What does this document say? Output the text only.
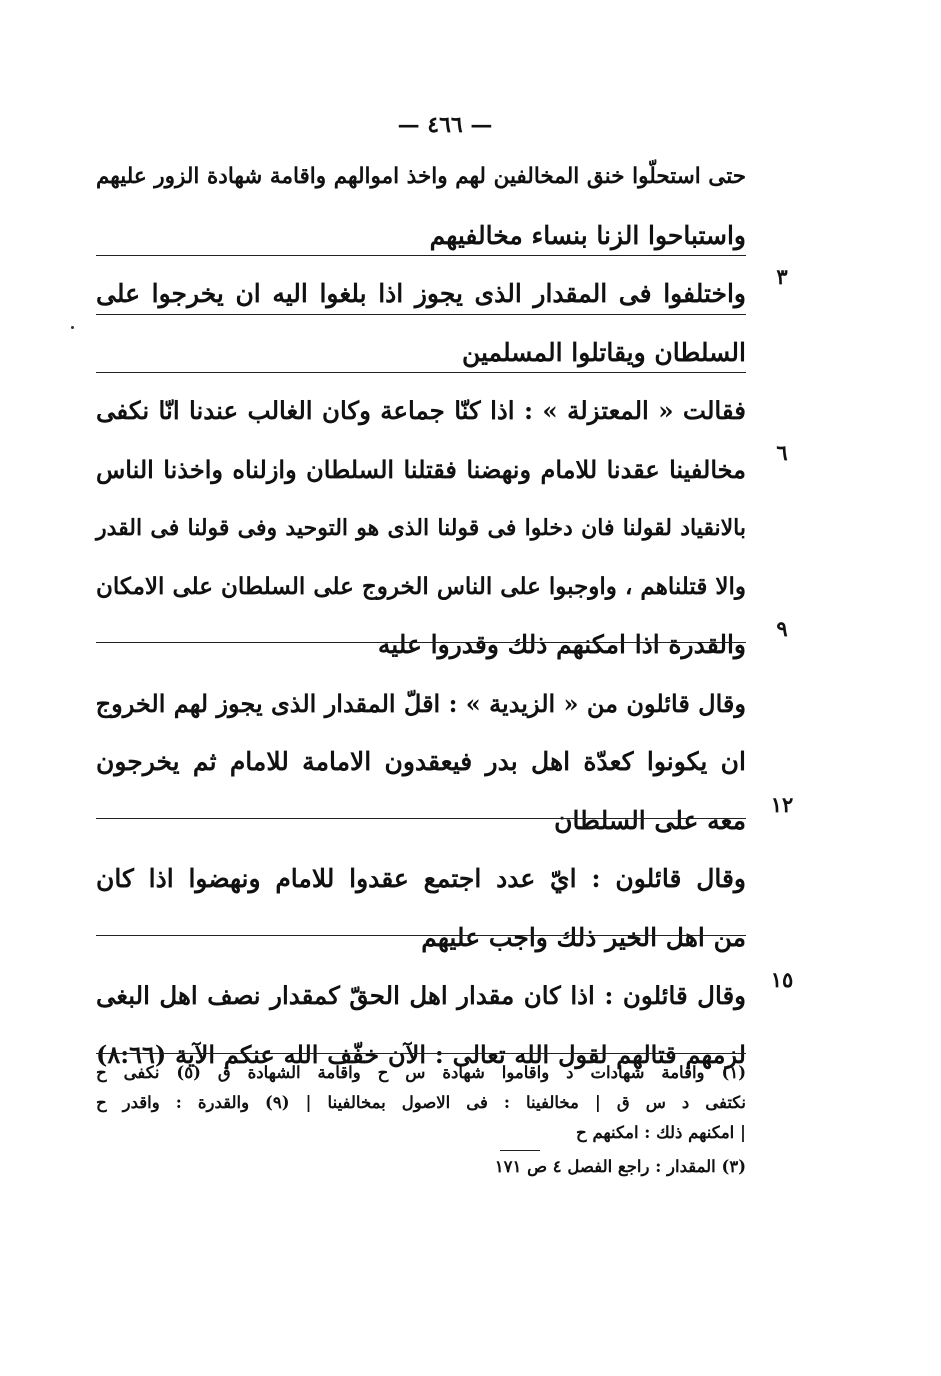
— ٤٦٦ —
حتى استحلّوا خنق المخالفين لهم واخذ اموالهم واقامة شهادة الزور عليهم
واستباحوا الزنا بنساء مخالفيهم
واختلفوا فى المقدار الذى يجوز اذا بلغوا اليه ان يخرجوا على
السلطان ويقاتلوا المسلمين
فقالت « المعتزلة » : اذا كنّا جماعة وكان الغالب عندنا انّا نكفى
مخالفينا عقدنا للامام ونهضنا فقتلنا السلطان وازلناه واخذنا الناس
بالانقياد لقولنا فان دخلوا فى قولنا الذى هو التوحيد وفى قولنا فى القدر
والا قتلناهم ، واوجبوا على الناس الخروج على السلطان على الامكان
والقدرة اذا امكنهم ذلك وقدروا عليه
وقال قائلون من « الزيدية » : اقلّ المقدار الذى يجوز لهم الخروج
ان يكونوا كعدّة اهل بدر فيعقدون الامامة للامام ثم يخرجون
معه على السلطان
وقال قائلون : ايّ عدد اجتمع عقدوا للامام ونهضوا اذا كان
من اهل الخير ذلك واجب عليهم
وقال قائلون : اذا كان مقدار اهل الحقّ كمقدار نصف اهل البغى
لزمهم قتالهم لقول الله تعالى : الآن خفّف الله عنكم الآية (٨:٦٦)
٣
٦
٩
١٢
١٥
(١) واقامة شهادات د واقاموا شهادة س ح واقامة الشهادة ق (٥) نكفى ح
نكتفى د س ق | مخالفينا : فى الاصول بمخالفينا | (٩) والقدرة : واقدر ح
| امكنهم ذلك : امكنهم ح
(٣) المقدار : راجع الفصل ٤ ص ١٧١
